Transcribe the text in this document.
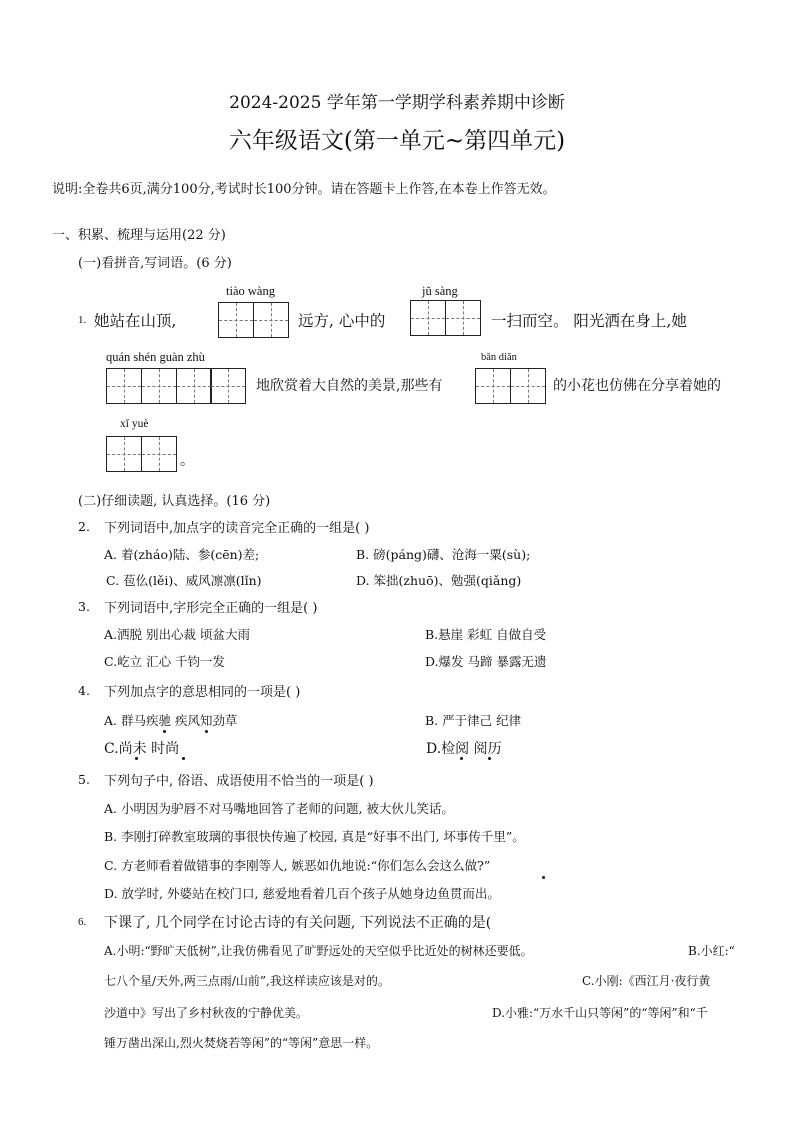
2024-2025 学年第一学期学科素养期中诊断
六年级语文(第一单元~第四单元)
说明:全卷共6页,满分100分,考试时长100分钟。请在答题卡上作答,在本卷上作答无效。
一、积累、梳理与运用(22 分)
(一)看拼音,写词语。(6 分)
1. 她站在山顶,
tiào wàng
远方, 心中的
jǔ sàng
一扫而空。 阳光洒在身上,她
quán shén guàn zhù
地欣赏着大自然的美景,那些有
bān diǎn
的小花也仿佛在分享着她的
xǐ yuè
。
(二)仔细读题, 认真选择。(16 分)
2. 下列词语中,加点字的读音完全正确的一组是( )
A. 着(zháo)陆、参(cēn)差;	B. 磅(páng)礴、沧海一粟(sù);
C. 苞仫(lěi)、威风凛凛(lǐn)	D. 笨拙(zhuō)、勉强(qiǎng)
3. 下列词语中,字形完全正确的一组是( )
A.洒脱 别出心裁 顷盆大雨	B.悬崖 彩虹 自做自受
C.屹立 汇心 千钧一发	D.爆发 马蹄 暴露无遗
4. 下列加点字的意思相同的一项是( )
A. 群马疾驰 疾风知劲草	B. 严于律己 纪律
C.尚未 时尚	D.检阅 阅历
5. 下列句子中, 俗语、成语使用不恰当的一项是( )
A. 小明因为驴唇不对马嘴地回答了老师的问题, 被大伙儿笑话。
B. 李刚打碎教室玻璃的事很快传遍了校园, 真是“好事不出门, 坏事传千里”。
C. 方老师看着做错事的李刚等人, 嫉恶如仇地说:“你们怎么会这么做?”
D. 放学时, 外婆站在校门口, 慈爱地看着几百个孩子从她身边鱼贯而出。
6. 下课了, 几个同学在讨论古诗的有关问题, 下列说法不正确的是(
A.小明:“野旷天低树”,让我仿佛看见了旷野远处的天空似乎比近处的树林还要低。	B.小红:“
七八个星/天外,两三点雨/山前”,我这样读应该是对的。	C.小刚:《西江月·夜行黄
沙道中》写出了乡村秋夜的宁静优美。	D.小雅:“万水千山只等闲”的“等闲”和“千
锤万凿出深山,烈火焚烧若等闲”的“等闲”意思一样。
